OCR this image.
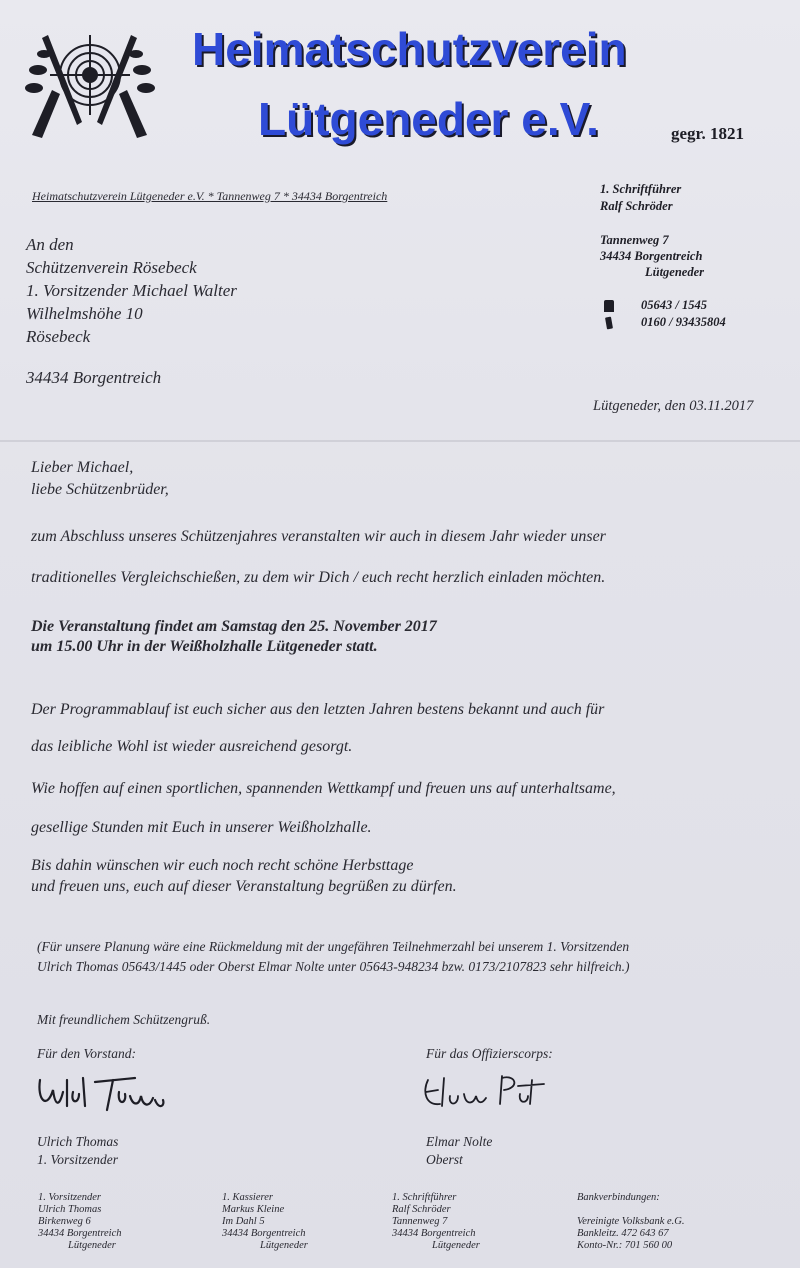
Heimatschutzverein
Lütgeneder e.V.	gegr. 1821
Heimatschutzverein Lütgeneder e.V. * Tannenweg 7 * 34434 Borgentreich	1. Schriftführer
Ralf Schröder
Tannenweg 7
34434 Borgentreich
Lütgeneder
05643 / 1545
0160 / 93435804
An den
Schützenverein Rösebeck
1. Vorsitzender Michael Walter
Wilhelmshöhe 10
Rösebeck
34434 Borgentreich
Lütgeneder, den 03.11.2017
Lieber Michael,
liebe Schützenbrüder,
zum Abschluss unseres Schützenjahres veranstalten wir auch in diesem Jahr wieder unser
traditionelles Vergleichschießen, zu dem wir Dich / euch recht herzlich einladen möchten.
Die Veranstaltung findet am Samstag den 25. November 2017
um 15.00 Uhr in der Weißholzhalle Lütgeneder statt.
Der Programmablauf ist euch sicher aus den letzten Jahren bestens bekannt und auch für
das leibliche Wohl ist wieder ausreichend gesorgt.
Wie hoffen auf einen sportlichen, spannenden Wettkampf und freuen uns auf unterhaltsame,
gesellige Stunden mit Euch in unserer Weißholzhalle.
Bis dahin wünschen wir euch noch recht schöne Herbsttage
und freuen uns, euch auf dieser Veranstaltung begrüßen zu dürfen.
(Für unsere Planung wäre eine Rückmeldung mit der ungefähren Teilnehmerzahl bei unserem 1. Vorsitzenden
Ulrich Thomas 05643/1445 oder Oberst Elmar Nolte unter 05643-948234 bzw. 0173/2107823 sehr hilfreich.)
Mit freundlichem Schützengruß.
Für den Vorstand:
Ulrich Thomas
1. Vorsitzender
Für das Offizierscorps:
Elmar Nolte
Oberst
1. Vorsitzender
Ulrich Thomas
Birkenweg 6
34434 Borgentreich
Lütgeneder
1. Kassierer
Markus Kleine
Im Dahl 5
34434 Borgentreich
Lütgeneder
1. Schriftführer
Ralf Schröder
Tannenweg 7
34434 Borgentreich
Lütgeneder
Bankverbindungen:
Vereinigte Volksbank e.G.
Bankleitz. 472 643 67
Konto-Nr.: 701 560 00
